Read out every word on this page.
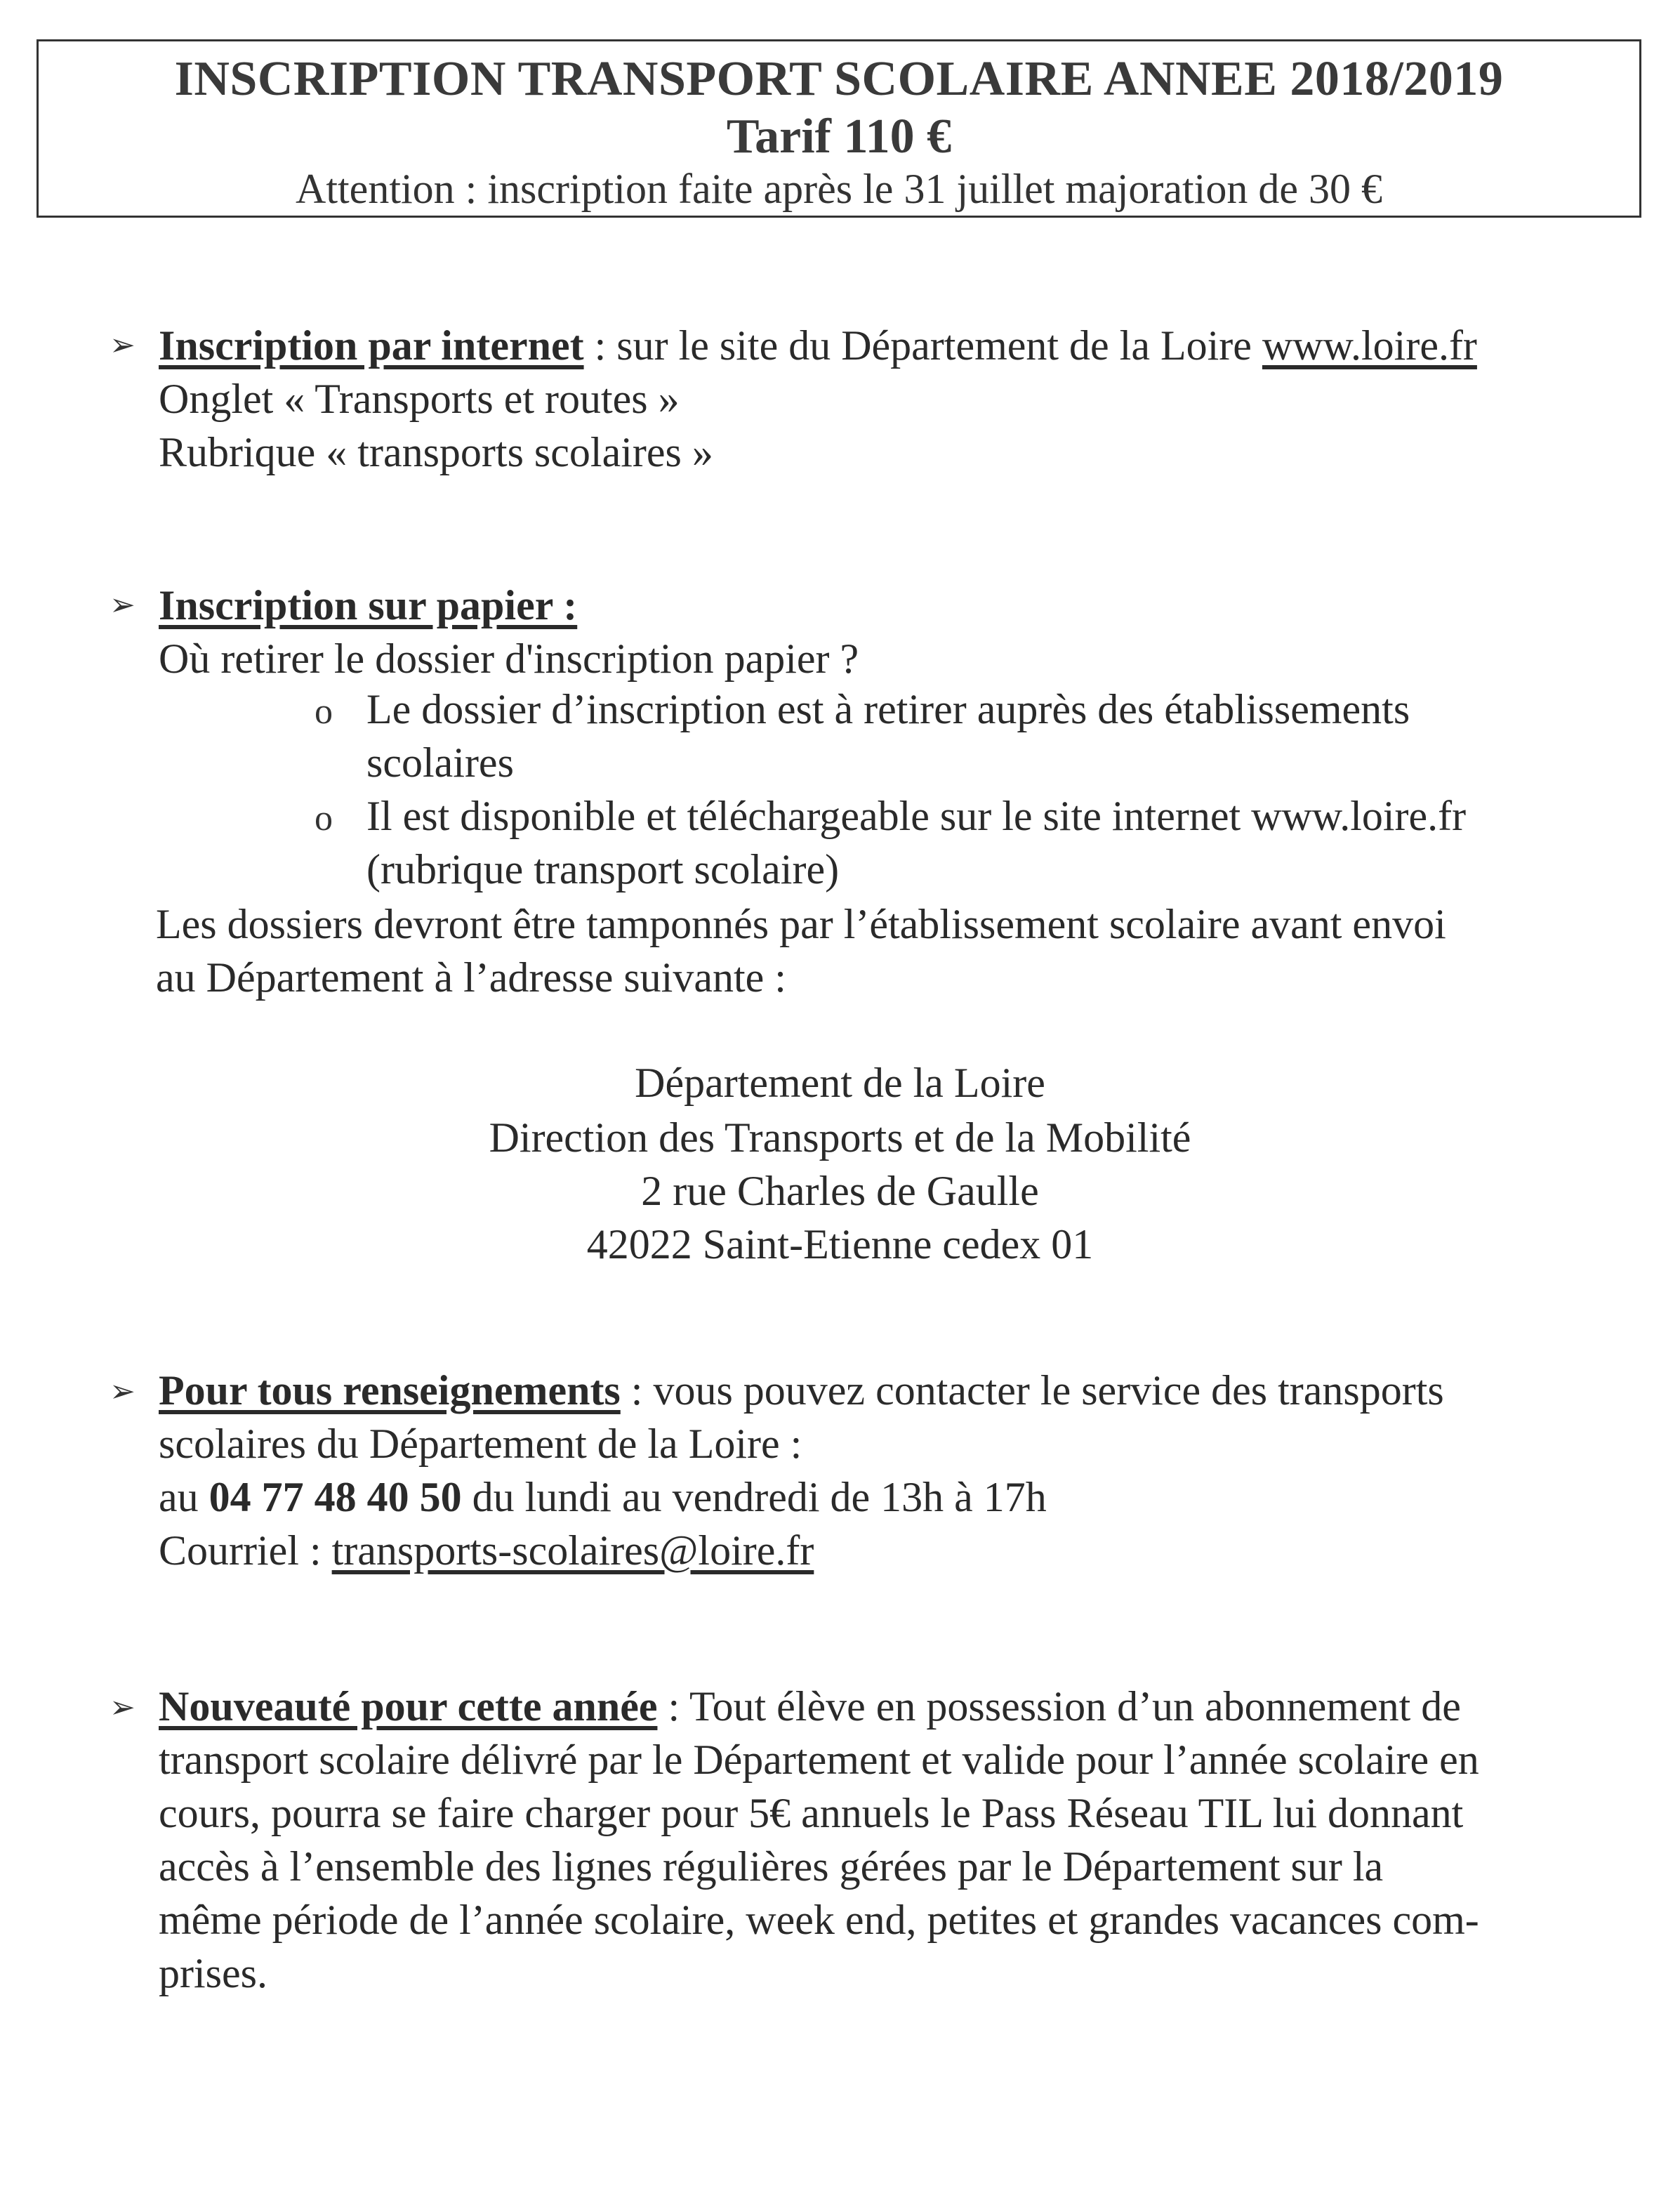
INSCRIPTION TRANSPORT SCOLAIRE ANNEE 2018/2019
Tarif 110 €
Attention : inscription faite après le 31 juillet majoration de 30 €
➢ Inscription par internet : sur le site du Département de la Loire www.loire.fr
Onglet « Transports et routes »
Rubrique « transports scolaires »
➢ Inscription sur papier :
Où retirer le dossier d'inscription papier ?
o Le dossier d’inscription est à retirer auprès des établissements
scolaires
o Il est disponible et téléchargeable sur le site internet www.loire.fr
(rubrique transport scolaire)
Les dossiers devront être tamponnés par l’établissement scolaire avant envoi
au Département à l’adresse suivante :
Département de la Loire
Direction des Transports et de la Mobilité
2 rue Charles de Gaulle
42022 Saint-Etienne cedex 01
➢ Pour tous renseignements : vous pouvez contacter le service des transports
scolaires du Département de la Loire :
au 04 77 48 40 50 du lundi au vendredi de 13h à 17h
Courriel : transports-scolaires@loire.fr
➢ Nouveauté pour cette année : Tout élève en possession d’un abonnement de
transport scolaire délivré par le Département et valide pour l’année scolaire en
cours, pourra se faire charger pour 5€ annuels le Pass Réseau TIL lui donnant
accès à l’ensemble des lignes régulières gérées par le Département sur la
même période de l’année scolaire, week end, petites et grandes vacances com-
prises.
